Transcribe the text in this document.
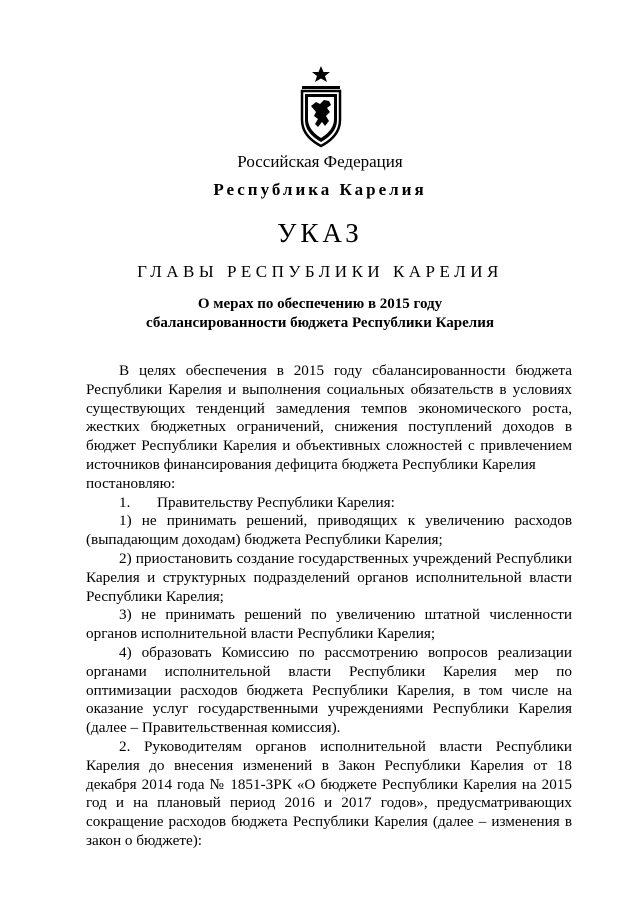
Российская Федерация
Республика Карелия
УКАЗ
ГЛАВЫ РЕСПУБЛИКИ КАРЕЛИЯ
О мерах по обеспечению в 2015 году
сбалансированности бюджета Республики Карелия

В целях обеспечения в 2015 году сбалансированности бюджета Республики Карелия и выполнения социальных обязательств в условиях существующих тенденций замедления темпов экономического роста, жестких бюджетных ограничений, снижения поступлений доходов в бюджет Республики Карелия и объективных сложностей с привлечением источников финансирования дефицита бюджета Республики Карелия

постановляю:

1. Правительству Республики Карелия:

1) не принимать решений, приводящих к увеличению расходов (выпадающим доходам) бюджета Республики Карелия;

2) приостановить создание государственных учреждений Республики Карелия и структурных подразделений органов исполнительной власти Республики Карелия;

3) не принимать решений по увеличению штатной численности органов исполнительной власти Республики Карелия;

4) образовать Комиссию по рассмотрению вопросов реализации органами исполнительной власти Республики Карелия мер по оптимизации расходов бюджета Республики Карелия, в том числе на оказание услуг государственными учреждениями Республики Карелия (далее – Правительственная комиссия).

2. Руководителям органов исполнительной власти Республики Карелия до внесения изменений в Закон Республики Карелия от 18 декабря 2014 года № 1851-ЗРК «О бюджете Республики Карелия на 2015 год и на плановый период 2016 и 2017 годов», предусматривающих сокращение расходов бюджета Республики Карелия (далее – изменения в закон о бюджете):
